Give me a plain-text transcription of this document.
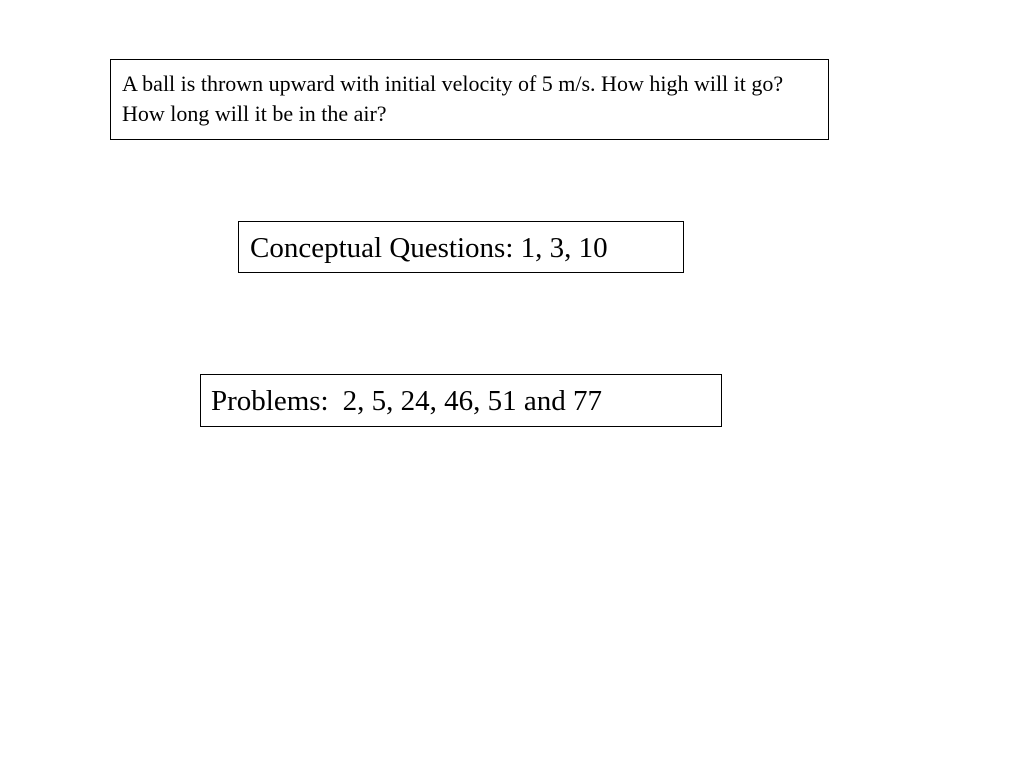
A ball is thrown upward with initial velocity of 5 m/s. How high will it go? How long will it be in the air?
Conceptual Questions: 1, 3, 10
Problems: 2, 5, 24, 46, 51 and 77
